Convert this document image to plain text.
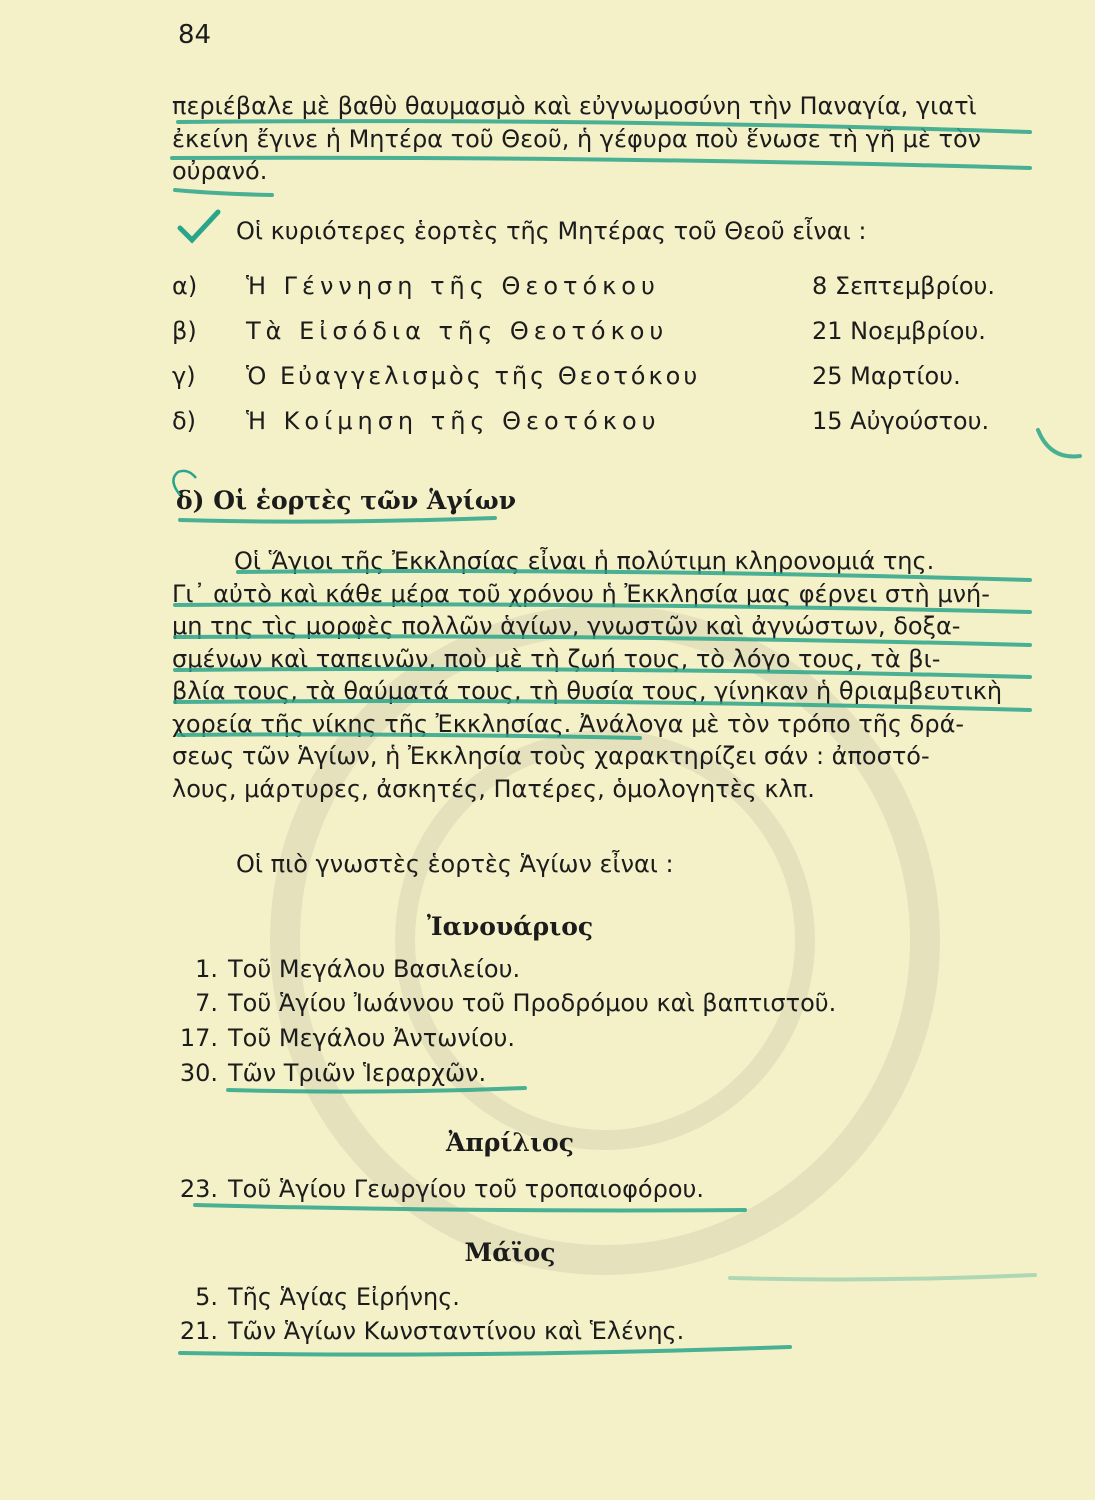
84
περιέβαλε μὲ βαθὺ θαυμασμὸ καὶ εὐγνωμοσύνη τὴν Παναγία, γιατὶ
ἐκείνη ἔγινε ἡ Μητέρα τοῦ Θεοῦ, ἡ γέφυρα ποὺ ἕνωσε τὴ γῆ μὲ τὸν
οὐρανό.
Οἱ κυριότερες ἑορτὲς τῆς Μητέρας τοῦ Θεοῦ εἶναι :
α) Ἡ Γέννηση τῆς Θεοτόκου	8 Σεπτεμβρίου.
β) Τὰ Εἰσόδια τῆς Θεοτόκου	21 Νοεμβρίου.
γ) Ὁ Εὐαγγελισμὸς τῆς Θεοτόκου	25 Μαρτίου.
δ) Ἡ Κοίμηση τῆς Θεοτόκου	15 Αὐγούστου.
δ) Οἱ ἑορτὲς τῶν Ἁγίων
Οἱ Ἅγιοι τῆς Ἐκκλησίας εἶναι ἡ πολύτιμη κληρονομιά της.
Γι᾽ αὐτὸ καὶ κάθε μέρα τοῦ χρόνου ἡ Ἐκκλησία μας φέρνει στὴ μνή-
μη της τὶς μορφὲς πολλῶν ἁγίων, γνωστῶν καὶ ἀγνώστων, δοξα-
σμένων καὶ ταπεινῶν, ποὺ μὲ τὴ ζωή τους, τὸ λόγο τους, τὰ βι-
βλία τους, τὰ θαύματά τους, τὴ θυσία τους, γίνηκαν ἡ θριαμβευτικὴ
χορεία τῆς νίκης τῆς Ἐκκλησίας. Ἀνάλογα μὲ τὸν τρόπο τῆς δρά-
σεως τῶν Ἁγίων, ἡ Ἐκκλησία τοὺς χαρακτηρίζει σάν : ἀποστό-
λους, μάρτυρες, ἀσκητές, Πατέρες, ὁμολογητὲς κλπ.
Οἱ πιὸ γνωστὲς ἑορτὲς Ἁγίων εἶναι :
Ἰανουάριος
1. Τοῦ Μεγάλου Βασιλείου.
7. Τοῦ Ἁγίου Ἰωάννου τοῦ Προδρόμου καὶ βαπτιστοῦ.
17. Τοῦ Μεγάλου Ἀντωνίου.
30. Τῶν Τριῶν Ἱεραρχῶν.
Ἀπρίλιος
23. Τοῦ Ἁγίου Γεωργίου τοῦ τροπαιοφόρου.
Μάϊος
5. Τῆς Ἁγίας Εἰρήνης.
21. Τῶν Ἁγίων Κωνσταντίνου καὶ Ἑλένης.
